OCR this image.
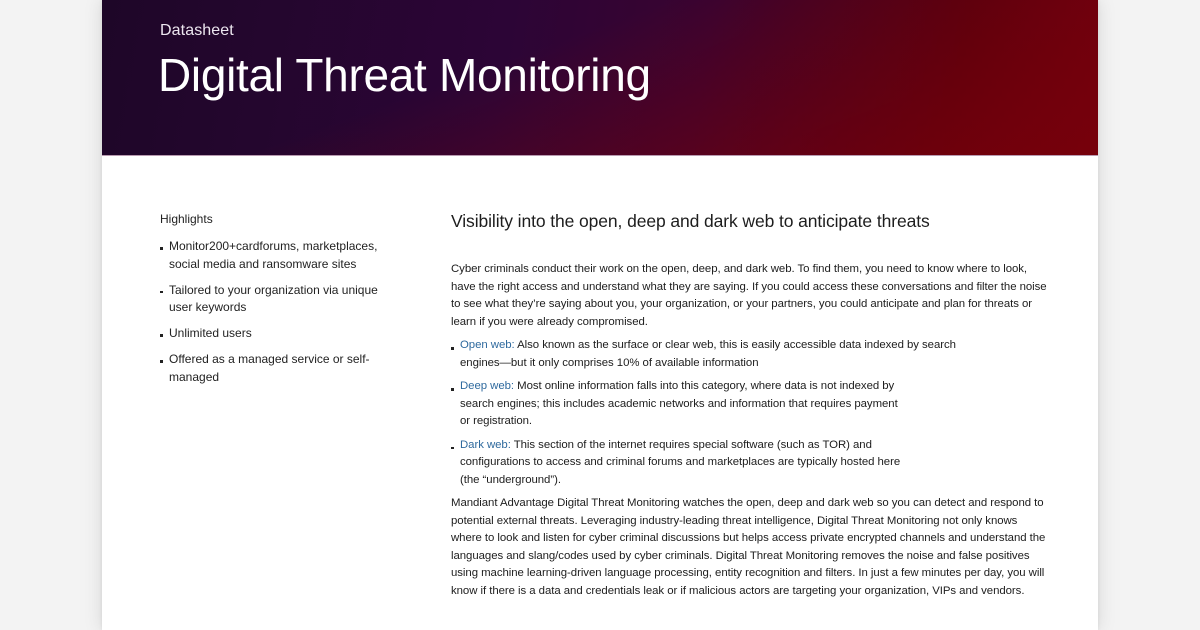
Datasheet
Digital Threat Monitoring
Highlights
Monitor200+cardforums, marketplaces, social media and ransomware sites
Tailored to your organization via unique user keywords
Unlimited users
Offered as a managed service or self-managed
Visibility into the open, deep and dark web to anticipate threats

Cyber criminals conduct their work on the open, deep, and dark web. To find them, you need to know where to look, have the right access and understand what they are saying. If you could access these conversations and filter the noise to see what they’re saying about you, your organization, or your partners, you could anticipate and plan for threats or learn if you were already compromised.

Open web: Also known as the surface or clear web, this is easily accessible data indexed by search engines—but it only comprises 10% of available information
Deep web: Most online information falls into this category, where data is not indexed by search engines; this includes academic networks and information that requires payment or registration.
Dark web: This section of the internet requires special software (such as TOR) and configurations to access and criminal forums and marketplaces are typically hosted here (the “underground”).

Mandiant Advantage Digital Threat Monitoring watches the open, deep and dark web so you can detect and respond to potential external threats. Leveraging industry-leading threat intelligence, Digital Threat Monitoring not only knows where to look and listen for cyber criminal discussions but helps access private encrypted channels and understand the languages and slang/codes used by cyber criminals. Digital Threat Monitoring removes the noise and false positives using machine learning-driven language processing, entity recognition and filters. In just a few minutes per day, you will know if there is a data and credentials leak or if malicious actors are targeting your organization, VIPs and vendors.
